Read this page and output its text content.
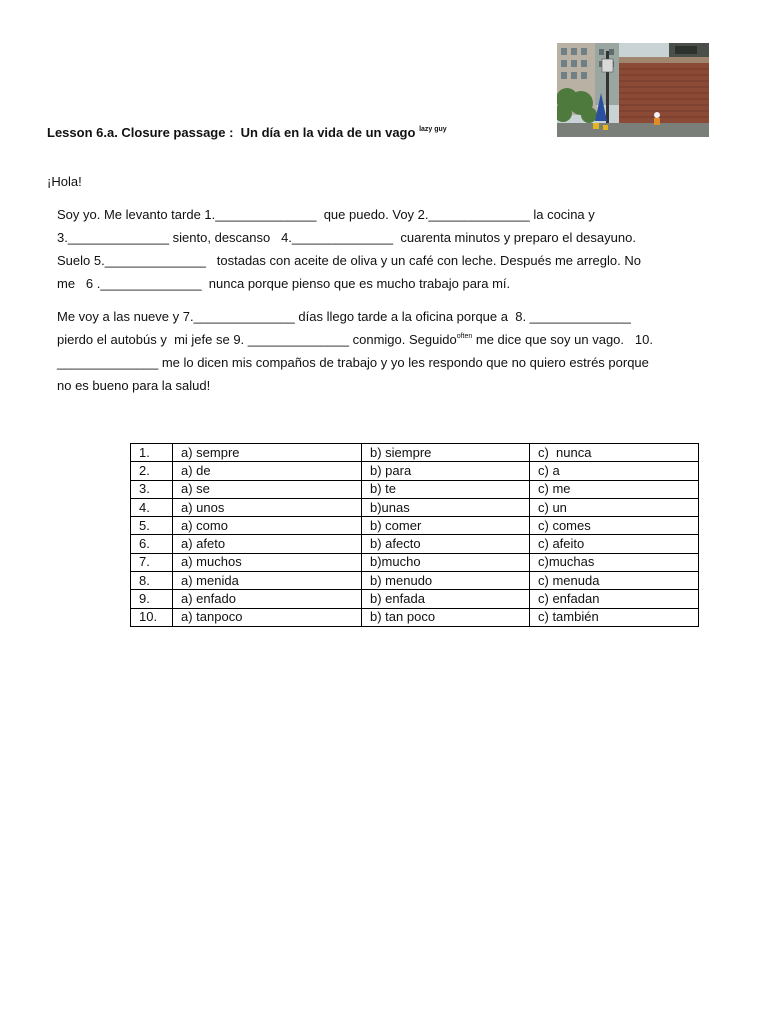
Lesson 6.a. Closure passage :  Un día en la vida de un vago $^{lazy guy}$
¡Hola!
Soy yo. Me levanto tarde 1.______________  que puedo. Voy 2.______________ la cocina y
3.______________ siento, descanso   4.______________  cuarenta minutos y preparo el desayuno.
Suelo 5.______________   tostadas con aceite de oliva y un café con leche. Después me arreglo. No
me   6 .______________  nunca porque pienso que es mucho trabajo para mí.
Me voy a las nueve y 7.______________ días llego tarde a la oficina porque a  8. ______________
pierdo el autobús y  mi jefe se 9. ______________ conmigo. Seguido$^{often}$ me dice que soy un vago.   10.
______________ me lo dicen mis compaños de trabajo y yo les respondo que no quiero estrés porque
no es bueno para la salud!
1.	a) sempre	b) siempre	c)  nunca
2.	a) de	b) para	c) a
3.	a) se	b) te	c) me
4.	a) unos	b)unas	c) un
5.	a) como	b) comer	c) comes
6.	a) afeto	b) afecto	c) afeito
7.	a) muchos	b)mucho	c)muchas
8.	a) menida	b) menudo	c) menuda
9.	a) enfado	b) enfada	c) enfadan
10.	a) tanpoco	b) tan poco	c) también
